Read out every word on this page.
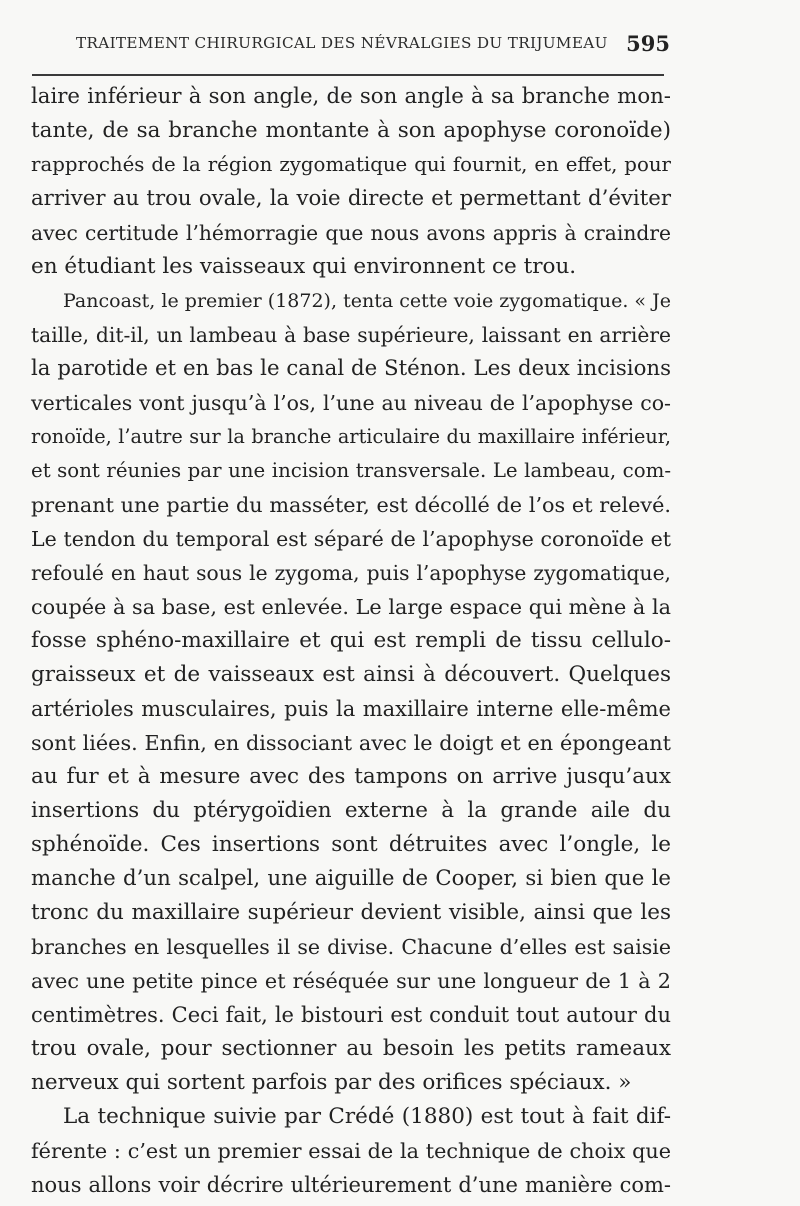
TRAITEMENT CHIRURGICAL DES NÉVRALGIES DU TRIJUMEAU 595
laire inférieur à son angle, de son angle à sa branche mon-
tante, de sa branche montante à son apophyse coronoïde)
rapprochés de la région zygomatique qui fournit, en effet, pour
arriver au trou ovale, la voie directe et permettant d’éviter
avec certitude l’hémorragie que nous avons appris à craindre
en étudiant les vaisseaux qui environnent ce trou.
Pancoast, le premier (1872), tenta cette voie zygomatique. « Je
taille, dit-il, un lambeau à base supérieure, laissant en arrière
la parotide et en bas le canal de Sténon. Les deux incisions
verticales vont jusqu’à l’os, l’une au niveau de l’apophyse co-
ronoïde, l’autre sur la branche articulaire du maxillaire inférieur,
et sont réunies par une incision transversale. Le lambeau, com-
prenant une partie du masséter, est décollé de l’os et relevé.
Le tendon du temporal est séparé de l’apophyse coronoïde et
refoulé en haut sous le zygoma, puis l’apophyse zygomatique,
coupée à sa base, est enlevée. Le large espace qui mène à la
fosse sphéno-maxillaire et qui est rempli de tissu cellulo-
graisseux et de vaisseaux est ainsi à découvert. Quelques
artérioles musculaires, puis la maxillaire interne elle-même
sont liées. Enfin, en dissociant avec le doigt et en épongeant
au fur et à mesure avec des tampons on arrive jusqu’aux
insertions du ptérygoïdien externe à la grande aile du
sphénoïde. Ces insertions sont détruites avec l’ongle, le
manche d’un scalpel, une aiguille de Cooper, si bien que le
tronc du maxillaire supérieur devient visible, ainsi que les
branches en lesquelles il se divise. Chacune d’elles est saisie
avec une petite pince et réséquée sur une longueur de 1 à 2
centimètres. Ceci fait, le bistouri est conduit tout autour du
trou ovale, pour sectionner au besoin les petits rameaux
nerveux qui sortent parfois par des orifices spéciaux. »
La technique suivie par Crédé (1880) est tout à fait dif-
férente : c’est un premier essai de la technique de choix que
nous allons voir décrire ultérieurement d’une manière com-
